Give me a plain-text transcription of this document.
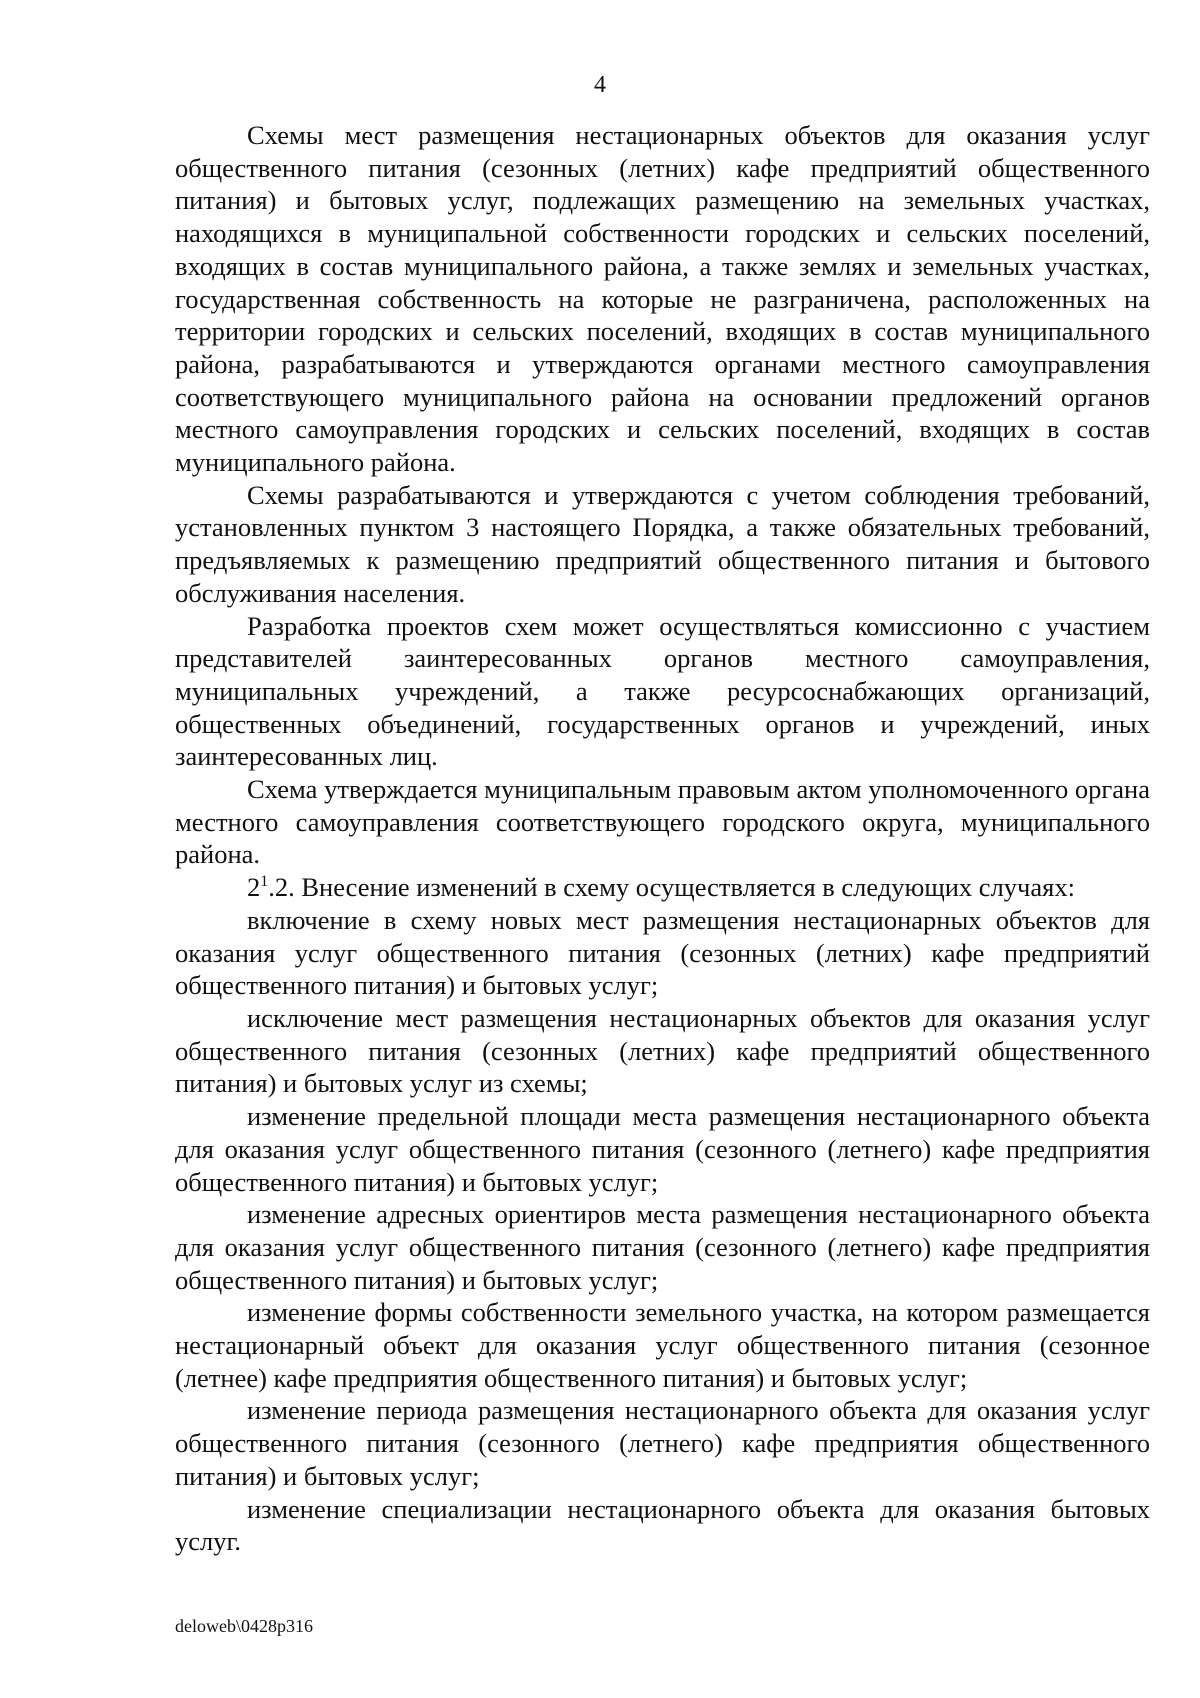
4

Схемы мест размещения нестационарных объектов для оказания услуг общественного питания (сезонных (летних) кафе предприятий общественного питания) и бытовых услуг, подлежащих размещению на земельных участках, находящихся в муниципальной собственности городских и сельских поселений, входящих в состав муниципального района, а также землях и земельных участках, государственная собственность на которые не разграничена, расположенных на территории городских и сельских поселений, входящих в состав муниципального района, разрабатываются и утверждаются органами местного самоуправления соответствующего муниципального района на основании предложений органов местного самоуправления городских и сельских поселений, входящих в состав муниципального района.

Схемы разрабатываются и утверждаются с учетом соблюдения требований, установленных пунктом 3 настоящего Порядка, а также обязательных требований, предъявляемых к размещению предприятий общественного питания и бытового обслуживания населения.

Разработка проектов схем может осуществляться комиссионно с участием представителей заинтересованных органов местного самоуправления, муниципальных учреждений, а также ресурсоснабжающих организаций, общественных объединений, государственных органов и учреждений, иных заинтересованных лиц.

Схема утверждается муниципальным правовым актом уполномоченного органа местного самоуправления соответствующего городского округа, муниципального района.

$2^1.2$. Внесение изменений в схему осуществляется в следующих случаях:

включение в схему новых мест размещения нестационарных объектов для оказания услуг общественного питания (сезонных (летних) кафе предприятий общественного питания) и бытовых услуг;

исключение мест размещения нестационарных объектов для оказания услуг общественного питания (сезонных (летних) кафе предприятий общественного питания) и бытовых услуг из схемы;

изменение предельной площади места размещения нестационарного объекта для оказания услуг общественного питания (сезонного (летнего) кафе предприятия общественного питания) и бытовых услуг;

изменение адресных ориентиров места размещения нестационарного объекта для оказания услуг общественного питания (сезонного (летнего) кафе предприятия общественного питания) и бытовых услуг;

изменение формы собственности земельного участка, на котором размещается нестационарный объект для оказания услуг общественного питания (сезонное (летнее) кафе предприятия общественного питания) и бытовых услуг;

изменение периода размещения нестационарного объекта для оказания услуг общественного питания (сезонного (летнего) кафе предприятия общественного питания) и бытовых услуг;

изменение специализации нестационарного объекта для оказания бытовых услуг.

deloweb\0428p316
